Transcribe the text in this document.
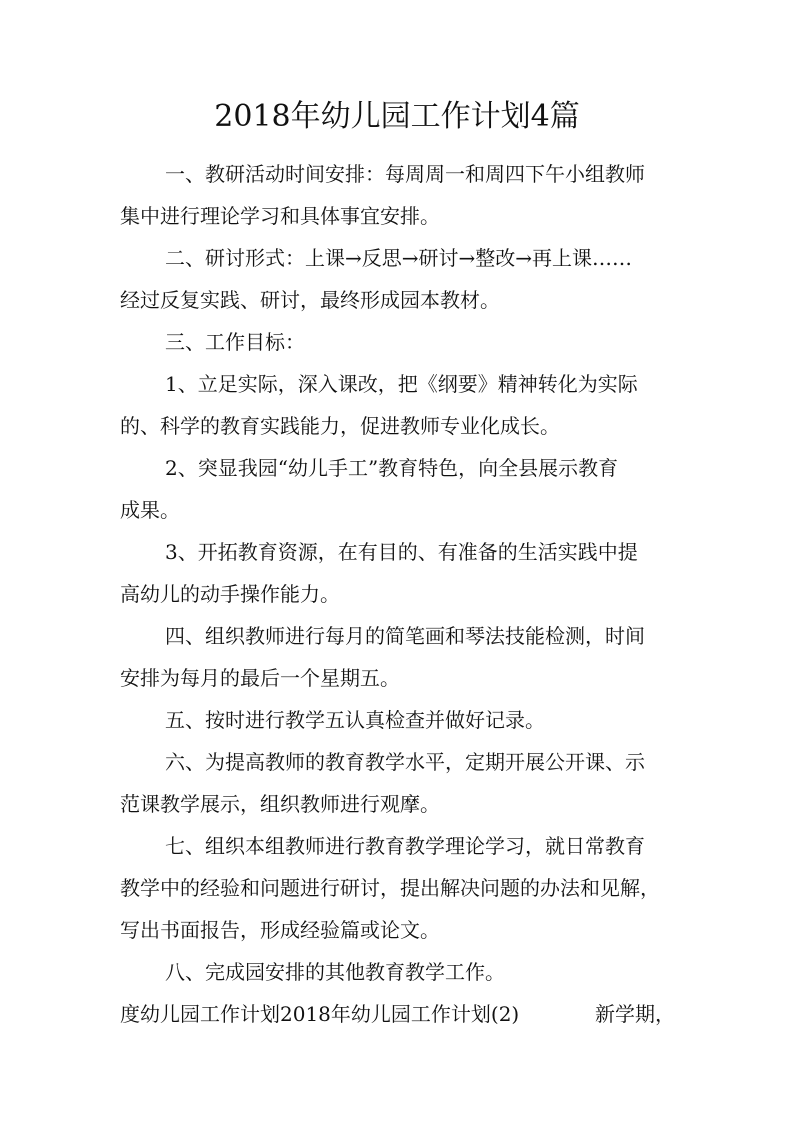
2018年幼儿园工作计划4篇
一、教研活动时间安排：每周周一和周四下午小组教师
集中进行理论学习和具体事宜安排。
二、研讨形式：上课→反思→研讨→整改→再上课……
经过反复实践、研讨，最终形成园本教材。
三、工作目标：
1、立足实际，深入课改，把《纲要》精神转化为实际
的、科学的教育实践能力，促进教师专业化成长。
2、突显我园“幼儿手工”教育特色，向全县展示教育
成果。
3、开拓教育资源，在有目的、有准备的生活实践中提
高幼儿的动手操作能力。
四、组织教师进行每月的简笔画和琴法技能检测，时间
安排为每月的最后一个星期五。
五、按时进行教学五认真检查并做好记录。
六、为提高教师的教育教学水平，定期开展公开课、示
范课教学展示，组织教师进行观摩。
七、组织本组教师进行教育教学理论学习，就日常教育
教学中的经验和问题进行研讨，提出解决问题的办法和见解，
写出书面报告，形成经验篇或论文。
八、完成园安排的其他教育教学工作。
度幼儿园工作计划2018年幼儿园工作计划(2)	新学期，
